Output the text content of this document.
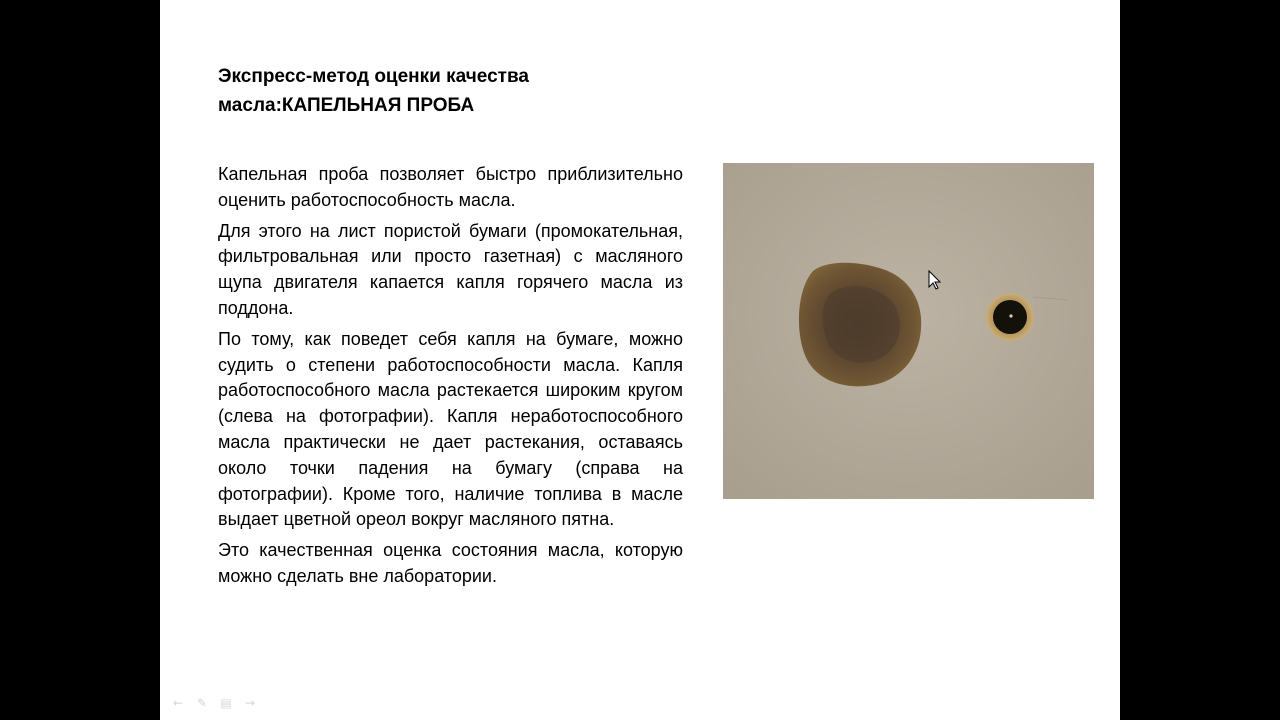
Экспресс-метод оценки качества масла:КАПЕЛЬНАЯ ПРОБА

Капельная проба позволяет быстро приблизительно оценить работоспособность масла.

Для этого на лист пористой бумаги (промокательная, фильтровальная или просто газетная) с масляного щупа двигателя капается капля горячего масла из поддона.

По тому, как поведет себя капля на бумаге, можно судить о степени работоспособности масла. Капля работоспособного масла растекается широким кругом (слева на фотографии). Капля неработоспособного масла практически не дает растекания, оставаясь около точки падения на бумагу (справа на фотографии). Кроме того, наличие топлива в масле выдает цветной ореол вокруг масляного пятна.

Это качественная оценка состояния масла, которую можно сделать вне лаборатории.

← ✎ ▤ →
